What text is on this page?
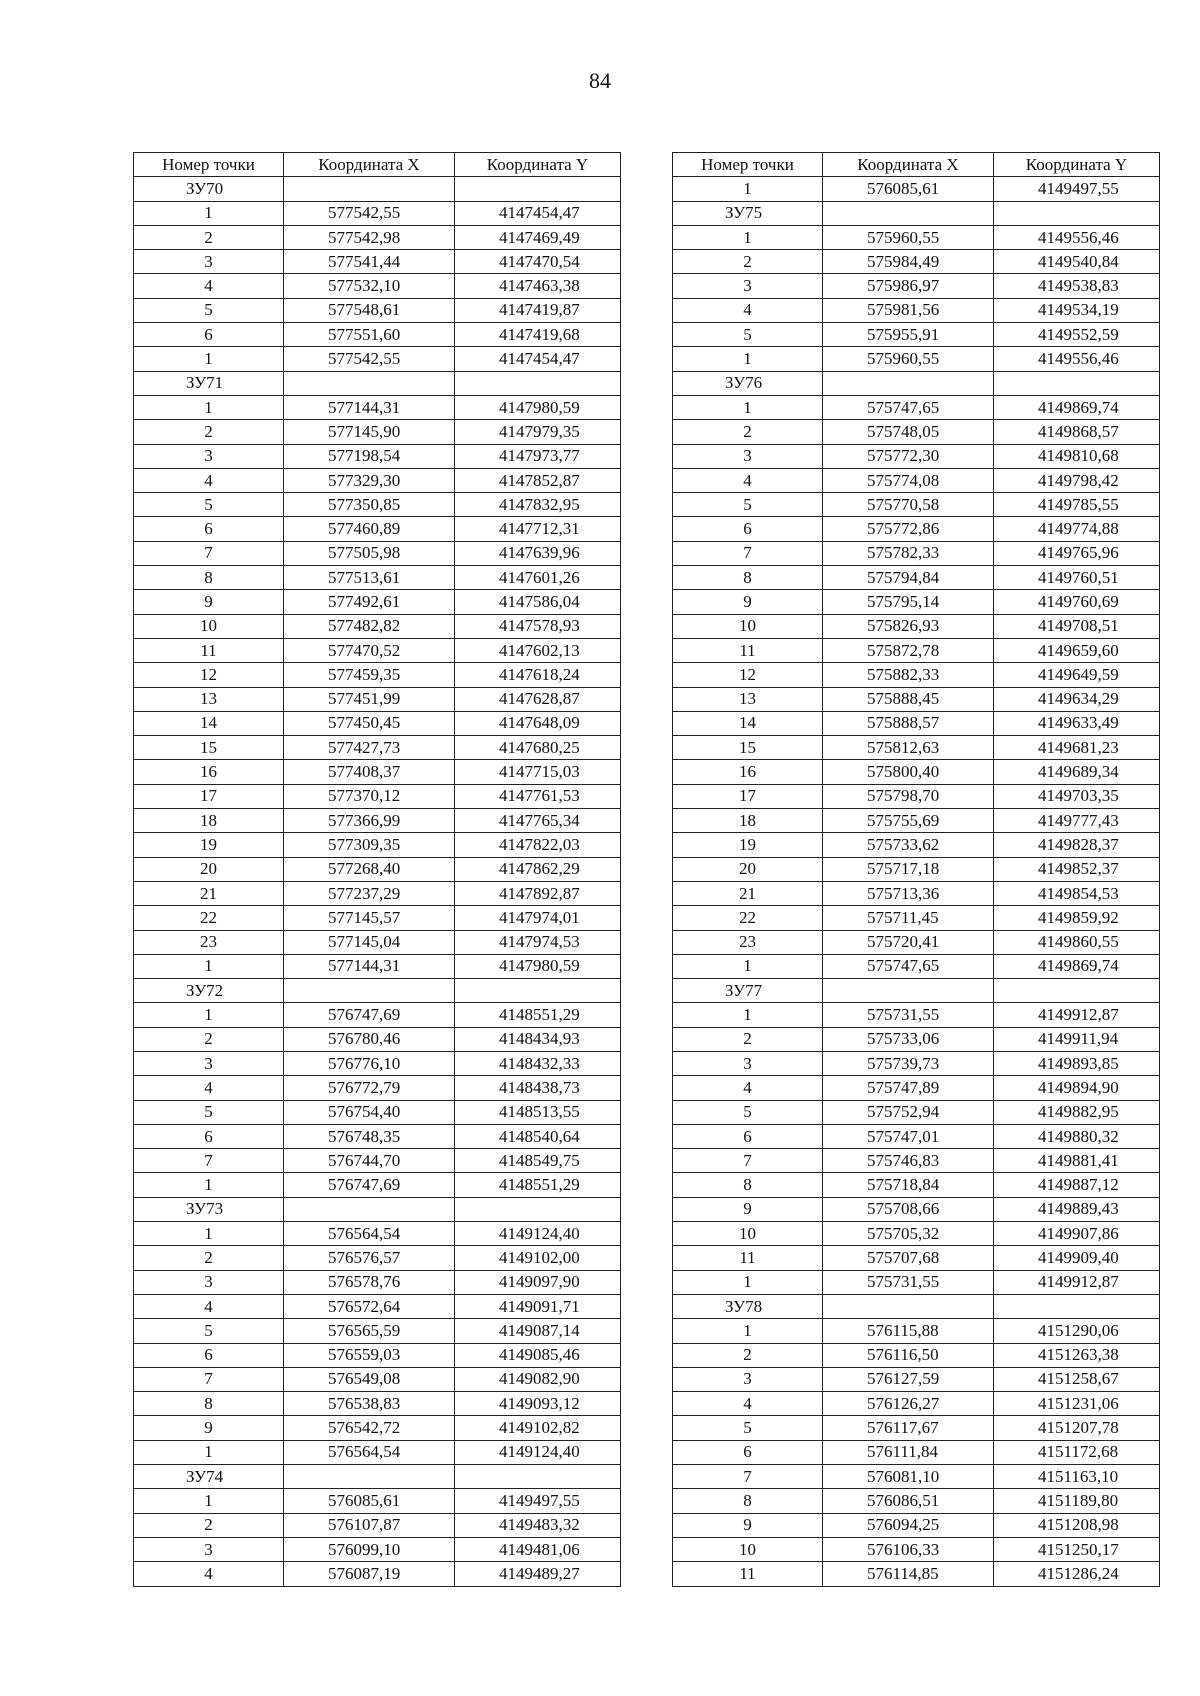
84
Номер точки	Координата X	Координата Y
ЗУ70		
1	577542,55	4147454,47
2	577542,98	4147469,49
3	577541,44	4147470,54
4	577532,10	4147463,38
5	577548,61	4147419,87
6	577551,60	4147419,68
1	577542,55	4147454,47
ЗУ71		
1	577144,31	4147980,59
2	577145,90	4147979,35
3	577198,54	4147973,77
4	577329,30	4147852,87
5	577350,85	4147832,95
6	577460,89	4147712,31
7	577505,98	4147639,96
8	577513,61	4147601,26
9	577492,61	4147586,04
10	577482,82	4147578,93
11	577470,52	4147602,13
12	577459,35	4147618,24
13	577451,99	4147628,87
14	577450,45	4147648,09
15	577427,73	4147680,25
16	577408,37	4147715,03
17	577370,12	4147761,53
18	577366,99	4147765,34
19	577309,35	4147822,03
20	577268,40	4147862,29
21	577237,29	4147892,87
22	577145,57	4147974,01
23	577145,04	4147974,53
1	577144,31	4147980,59
ЗУ72		
1	576747,69	4148551,29
2	576780,46	4148434,93
3	576776,10	4148432,33
4	576772,79	4148438,73
5	576754,40	4148513,55
6	576748,35	4148540,64
7	576744,70	4148549,75
1	576747,69	4148551,29
ЗУ73		
1	576564,54	4149124,40
2	576576,57	4149102,00
3	576578,76	4149097,90
4	576572,64	4149091,71
5	576565,59	4149087,14
6	576559,03	4149085,46
7	576549,08	4149082,90
8	576538,83	4149093,12
9	576542,72	4149102,82
1	576564,54	4149124,40
ЗУ74		
1	576085,61	4149497,55
2	576107,87	4149483,32
3	576099,10	4149481,06
4	576087,19	4149489,27
Номер точки	Координата X	Координата Y
1	576085,61	4149497,55
ЗУ75		
1	575960,55	4149556,46
2	575984,49	4149540,84
3	575986,97	4149538,83
4	575981,56	4149534,19
5	575955,91	4149552,59
1	575960,55	4149556,46
ЗУ76		
1	575747,65	4149869,74
2	575748,05	4149868,57
3	575772,30	4149810,68
4	575774,08	4149798,42
5	575770,58	4149785,55
6	575772,86	4149774,88
7	575782,33	4149765,96
8	575794,84	4149760,51
9	575795,14	4149760,69
10	575826,93	4149708,51
11	575872,78	4149659,60
12	575882,33	4149649,59
13	575888,45	4149634,29
14	575888,57	4149633,49
15	575812,63	4149681,23
16	575800,40	4149689,34
17	575798,70	4149703,35
18	575755,69	4149777,43
19	575733,62	4149828,37
20	575717,18	4149852,37
21	575713,36	4149854,53
22	575711,45	4149859,92
23	575720,41	4149860,55
1	575747,65	4149869,74
ЗУ77		
1	575731,55	4149912,87
2	575733,06	4149911,94
3	575739,73	4149893,85
4	575747,89	4149894,90
5	575752,94	4149882,95
6	575747,01	4149880,32
7	575746,83	4149881,41
8	575718,84	4149887,12
9	575708,66	4149889,43
10	575705,32	4149907,86
11	575707,68	4149909,40
1	575731,55	4149912,87
ЗУ78		
1	576115,88	4151290,06
2	576116,50	4151263,38
3	576127,59	4151258,67
4	576126,27	4151231,06
5	576117,67	4151207,78
6	576111,84	4151172,68
7	576081,10	4151163,10
8	576086,51	4151189,80
9	576094,25	4151208,98
10	576106,33	4151250,17
11	576114,85	4151286,24
